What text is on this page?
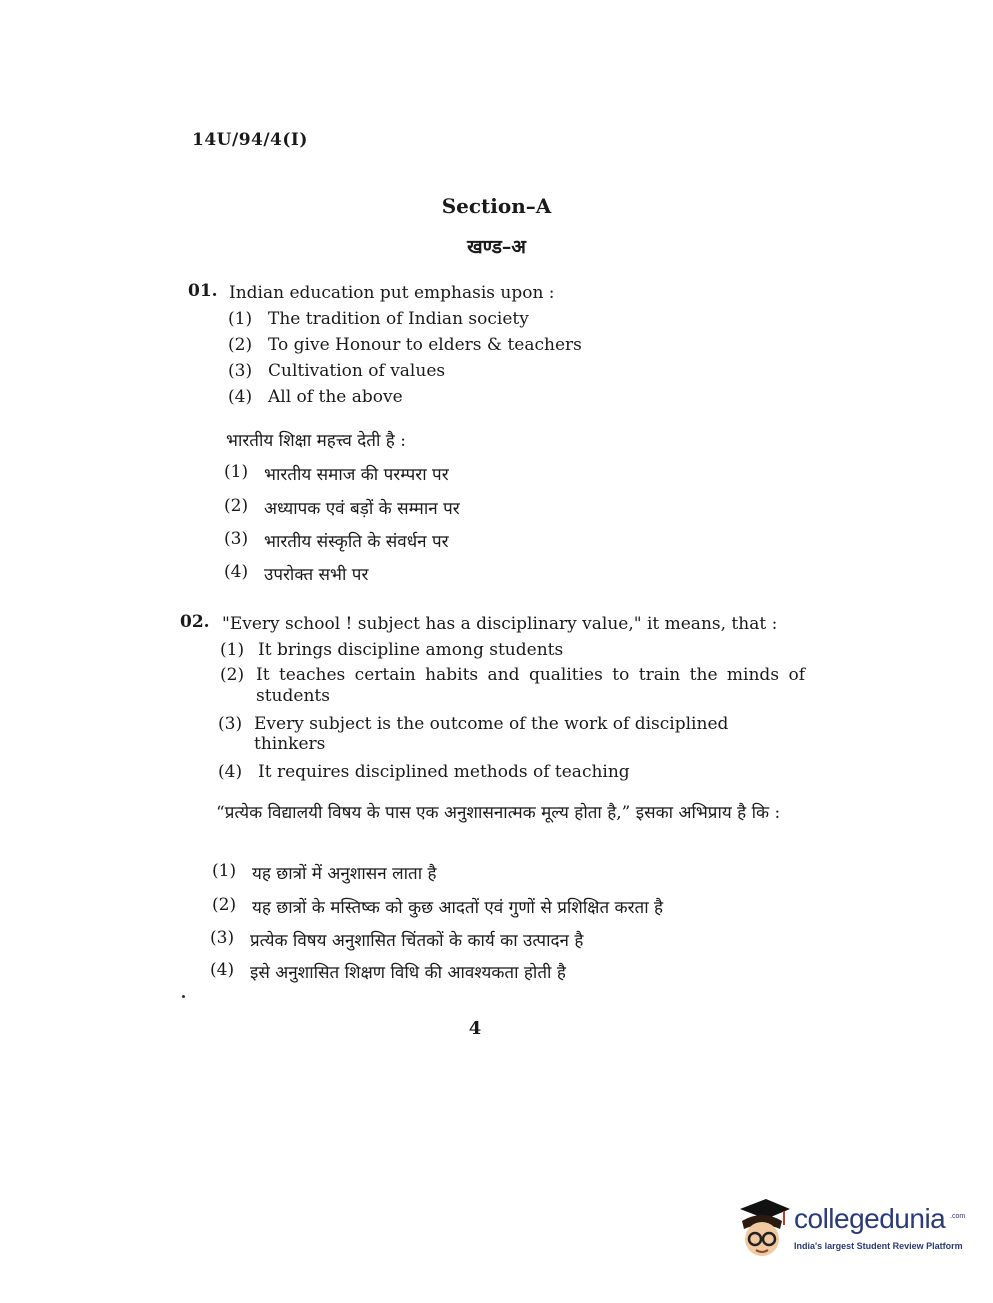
14U/94/4(I)
Section–A
खण्ड–अ
01. Indian education put emphasis upon :
(1) The tradition of Indian society
(2) To give Honour to elders & teachers
(3) Cultivation of values
(4) All of the above
भारतीय शिक्षा महत्त्व देती है :
(1) भारतीय समाज की परम्परा पर
(2) अध्यापक एवं बड़ों के सम्मान पर
(3) भारतीय संस्कृति के संवर्धन पर
(4) उपरोक्त सभी पर
02. "Every school ! subject has a disciplinary value," it means, that :
(1) It brings discipline among students
(2) It teaches certain habits and qualities to train the minds of students
(3) Every subject is the outcome of the work of disciplined thinkers
(4) It requires disciplined methods of teaching
“प्रत्येक विद्यालयी विषय के पास एक अनुशासनात्मक मूल्य होता है,” इसका अभिप्राय है कि :
(1) यह छात्रों में अनुशासन लाता है
(2) यह छात्रों के मस्तिष्क को कुछ आदतों एवं गुणों से प्रशिक्षित करता है
(3) प्रत्येक विषय अनुशासित चिंतकों के कार्य का उत्पादन है
(4) इसे अनुशासित शिक्षण विधि की आवश्यकता होती है
4
collegedunia .com
India's largest Student Review Platform
